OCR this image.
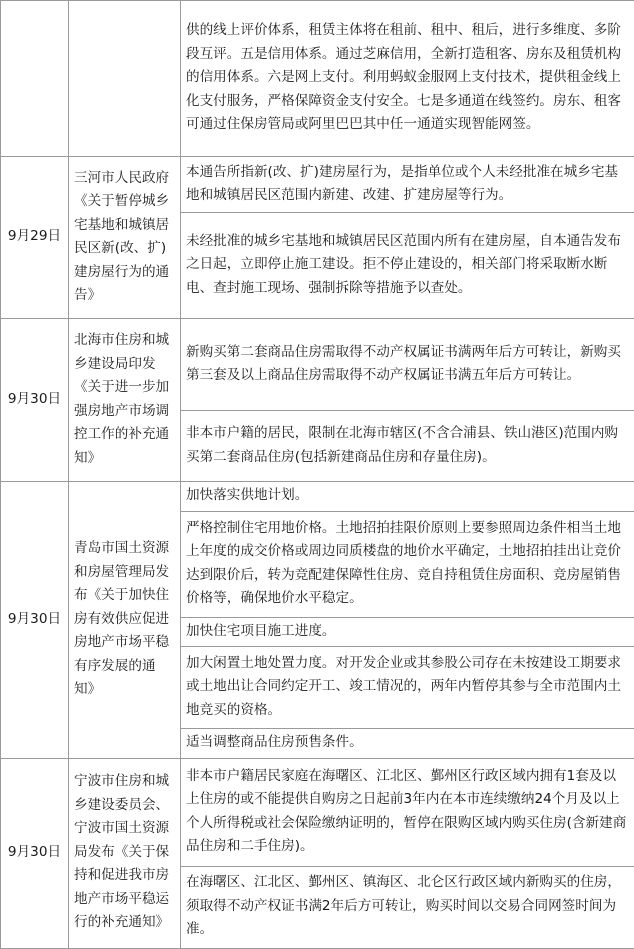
		供的线上评价体系，租赁主体将在租前、租中、租后，进行多维度、多阶段互评。五是信用体系。通过芝麻信用，全新打造租客、房东及租赁机构的信用体系。六是网上支付。利用蚂蚁金服网上支付技术，提供租金线上化支付服务，严格保障资金支付安全。七是多通道在线签约。房东、租客可通过住保房管局或阿里巴巴其中任一通道实现智能网签。
9月29日	三河市人民政府《关于暂停城乡宅基地和城镇居民区新(改、扩)建房屋行为的通告》	本通告所指新(改、扩)建房屋行为，是指单位或个人未经批准在城乡宅基地和城镇居民区范围内新建、改建、扩建房屋等行为。
		未经批准的城乡宅基地和城镇居民区范围内所有在建房屋，自本通告发布之日起，立即停止施工建设。拒不停止建设的，相关部门将采取断水断电、查封施工现场、强制拆除等措施予以查处。
9月30日	北海市住房和城乡建设局印发《关于进一步加强房地产市场调控工作的补充通知》	新购买第二套商品住房需取得不动产权属证书满两年后方可转让，新购买第三套及以上商品住房需取得不动产权属证书满五年后方可转让。
		非本市户籍的居民，限制在北海市辖区(不含合浦县、铁山港区)范围内购买第二套商品住房(包括新建商品住房和存量住房)。
9月30日	青岛市国土资源和房屋管理局发布《关于加快住房有效供应促进房地产市场平稳有序发展的通知》	加快落实供地计划。
		严格控制住宅用地价格。土地招拍挂限价原则上要参照周边条件相当土地上年度的成交价格或周边同质楼盘的地价水平确定，土地招拍挂出让竞价达到限价后，转为竞配建保障性住房、竞自持租赁住房面积、竞房屋销售价格等，确保地价水平稳定。
		加快住宅项目施工进度。
		加大闲置土地处置力度。对开发企业或其参股公司存在未按建设工期要求或土地出让合同约定开工、竣工情况的，两年内暂停其参与全市范围内土地竞买的资格。
		适当调整商品住房预售条件。
9月30日	宁波市住房和城乡建设委员会、宁波市国土资源局发布《关于保持和促进我市房地产市场平稳运行的补充通知》	非本市户籍居民家庭在海曙区、江北区、鄞州区行政区域内拥有1套及以上住房的或不能提供自购房之日起前3年内在本市连续缴纳24个月及以上个人所得税或社会保险缴纳证明的，暂停在限购区域内购买住房(含新建商品住房和二手住房)。
		在海曙区、江北区、鄞州区、镇海区、北仑区行政区域内新购买的住房，须取得不动产权证书满2年后方可转让，购买时间以交易合同网签时间为准。
